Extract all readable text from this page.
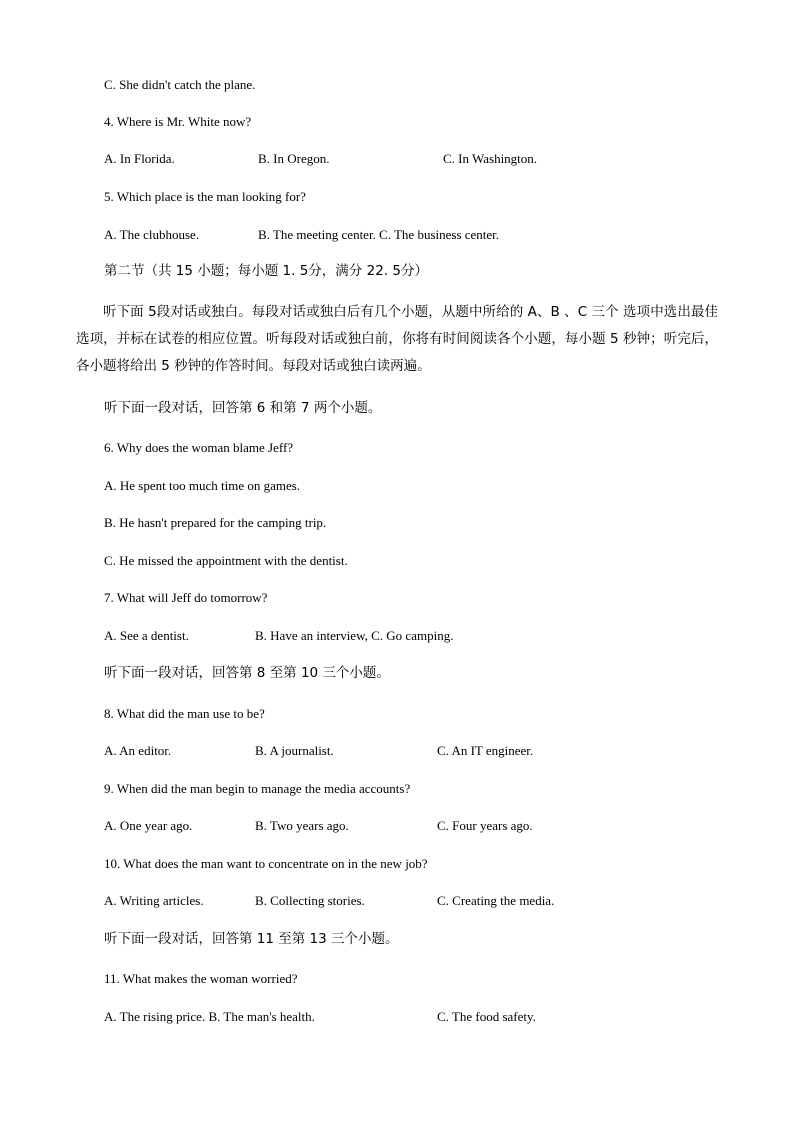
C. She didn't catch the plane.
4. Where is Mr. White now?
A. In Florida.	B. In Oregon.	C. In Washington.
5. Which place is the man looking for?
A. The clubhouse.	B. The meeting center. C. The business center.
第二节（共 15 小题；每小题 1. 5分，满分 22. 5分）
听下面 5段对话或独白。每段对话或独白后有几个小题，从题中所给的 A、B 、C 三个 选项中选出最佳选项，并标在试卷的相应位置。听每段对话或独白前，你将有时间阅读各个小题，每小题 5 秒钟；听完后，各小题将给出 5 秒钟的作答时间。每段对话或独白读两遍。
听下面一段对话，回答第 6 和第 7 两个小题。
6. Why does the woman blame Jeff?
A. He spent too much time on games.
B. He hasn't prepared for the camping trip.
C. He missed the appointment with the dentist.
7. What will Jeff do tomorrow?
A. See a dentist.	B. Have an interview, C. Go camping.
听下面一段对话，回答第 8 至第 10 三个小题。
8. What did the man use to be?
A. An editor.	B. A journalist.	C. An IT engineer.
9. When did the man begin to manage the media accounts?
A. One year ago.	B. Two years ago.	C. Four years ago.
10. What does the man want to concentrate on in the new job?
A. Writing articles.	B. Collecting stories.	C. Creating the media.
听下面一段对话，回答第 11 至第 13 三个小题。
11. What makes the woman worried?
A. The rising price. B. The man's health.	C. The food safety.
